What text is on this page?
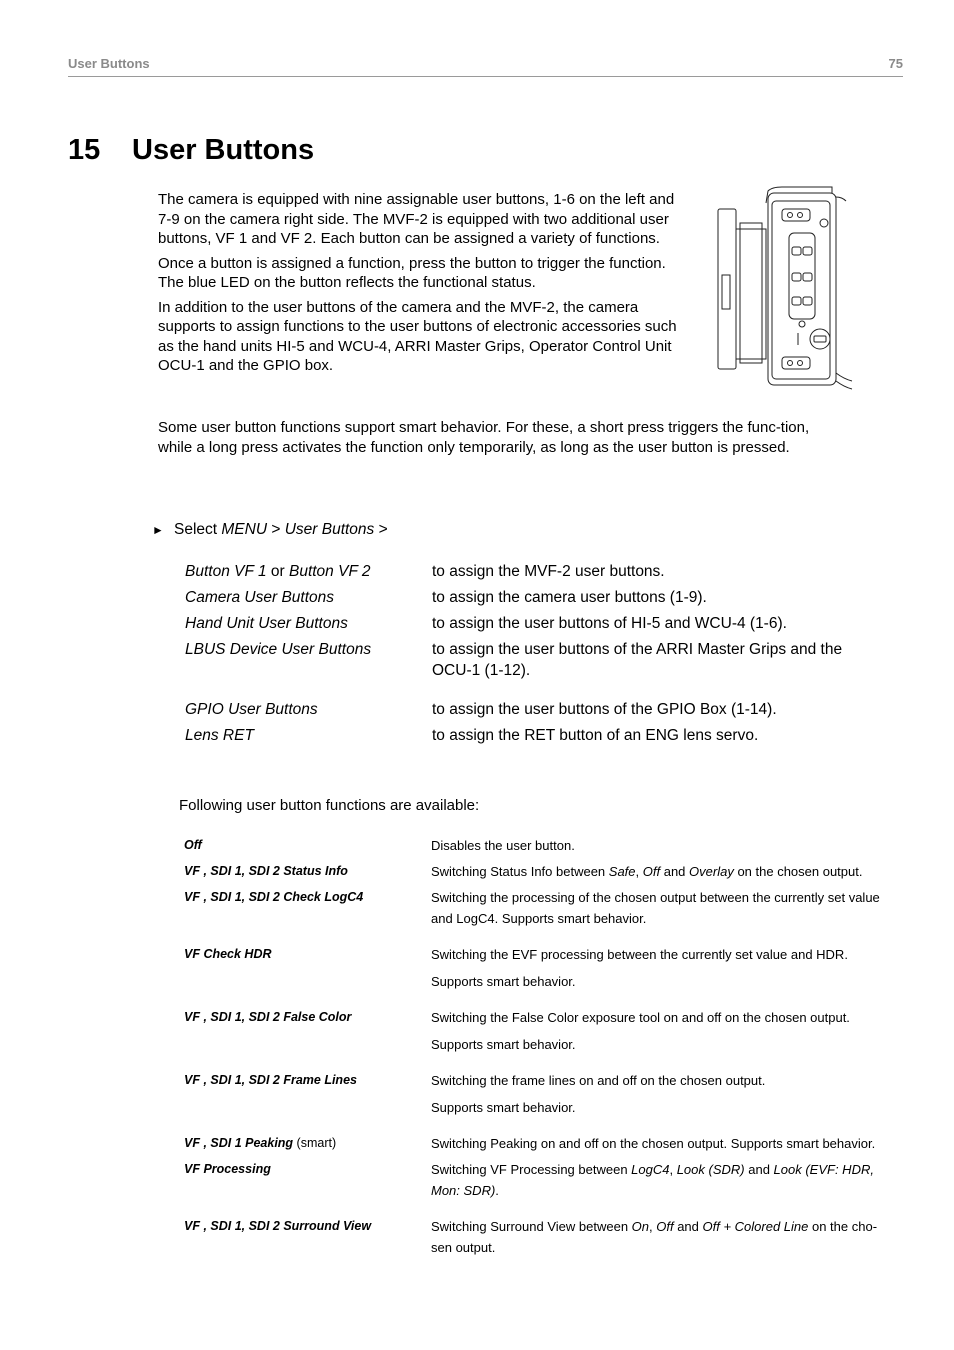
User Buttons	75
15 User Buttons

The camera is equipped with nine assignable user buttons, 1-6 on the left and 7-9 on the camera right side. The MVF-2 is equipped with two additional user buttons, VF 1 and VF 2. Each button can be assigned a variety of functions.

Once a button is assigned a function, press the button to trigger the function. The blue LED on the button reflects the functional status.

In addition to the user buttons of the camera and the MVF-2, the camera supports to assign functions to the user buttons of electronic accessories such as the hand units HI-5 and WCU-4, ARRI Master Grips, Operator Control Unit OCU-1 and the GPIO box.

Some user button functions support smart behavior. For these, a short press triggers the func-tion, while a long press activates the function only temporarily, as long as the user button is pressed.
► Select MENU > User Buttons >
Button VF 1 or Button VF 2	to assign the MVF-2 user buttons.
Camera User Buttons	to assign the camera user buttons (1-9).
Hand Unit User Buttons	to assign the user buttons of HI-5 and WCU-4 (1-6).
LBUS Device User Buttons	to assign the user buttons of the ARRI Master Grips and the OCU-1 (1-12).
GPIO User Buttons	to assign the user buttons of the GPIO Box (1-14).
Lens RET	to assign the RET button of an ENG lens servo.
Following user button functions are available:
Off	Disables the user button.
VF , SDI 1, SDI 2 Status Info	Switching Status Info between Safe, Off and Overlay on the chosen output.
VF , SDI 1, SDI 2 Check LogC4	Switching the processing of the chosen output between the currently set value and LogC4. Supports smart behavior.
VF Check HDR	Switching the EVF processing between the currently set value and HDR.
Supports smart behavior.
VF , SDI 1, SDI 2 False Color	Switching the False Color exposure tool on and off on the chosen output.
Supports smart behavior.
VF , SDI 1, SDI 2 Frame Lines	Switching the frame lines on and off on the chosen output.
Supports smart behavior.
VF , SDI 1 Peaking (smart)	Switching Peaking on and off on the chosen output. Supports smart behavior.
VF Processing	Switching VF Processing between LogC4, Look (SDR) and Look (EVF: HDR, Mon: SDR).
VF , SDI 1, SDI 2 Surround View	Switching Surround View between On, Off and Off + Colored Line on the cho-sen output.
